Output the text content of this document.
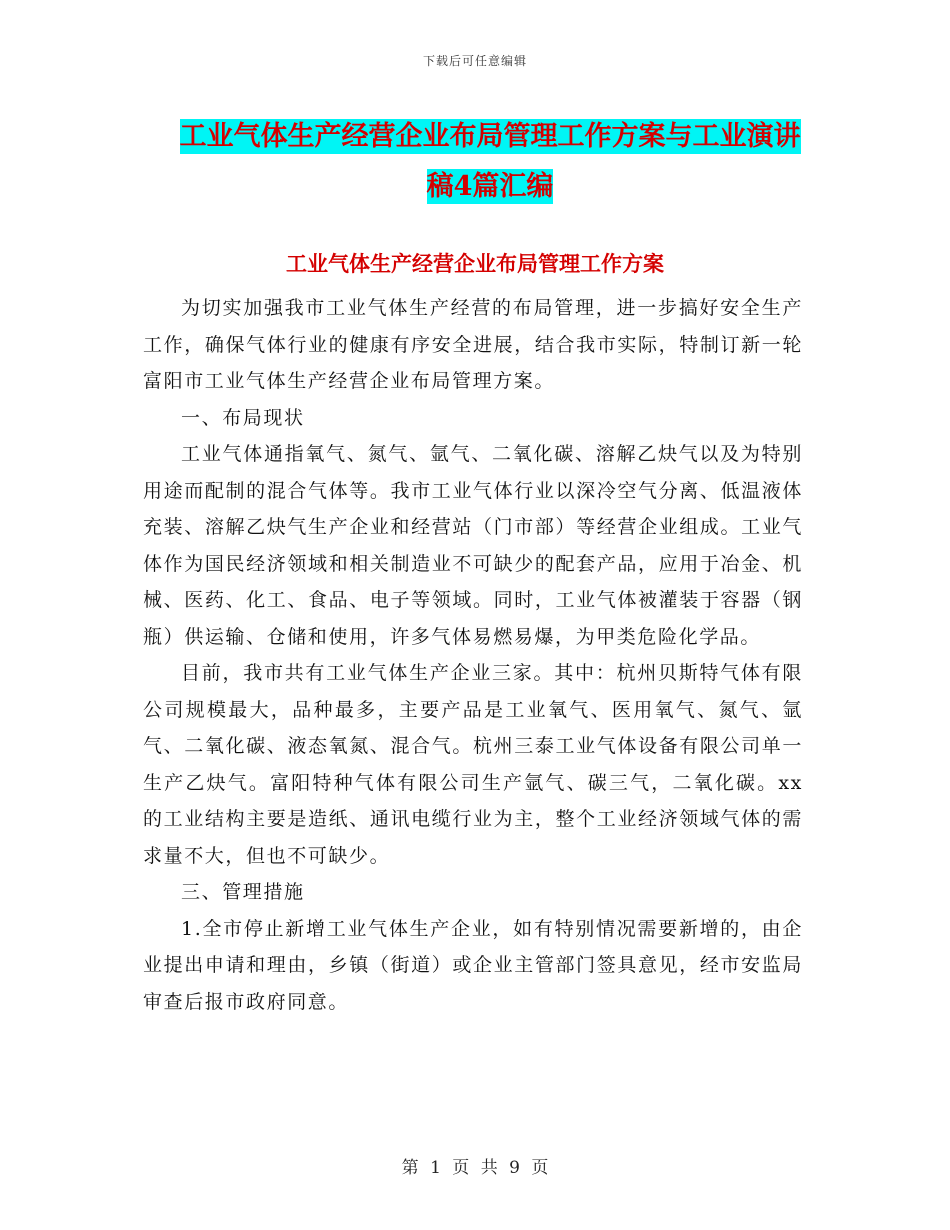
下载后可任意编辑
工业气体生产经营企业布局管理工作方案与工业演讲
稿4篇汇编
工业气体生产经营企业布局管理工作方案

为切实加强我市工业气体生产经营的布局管理，进一步搞好安全生产工作，确保气体行业的健康有序安全进展，结合我市实际，特制订新一轮富阳市工业气体生产经营企业布局管理方案。

一、布局现状

工业气体通指氧气、氮气、氩气、二氧化碳、溶解乙炔气以及为特别用途而配制的混合气体等。我市工业气体行业以深冷空气分离、低温液体充装、溶解乙炔气生产企业和经营站（门市部）等经营企业组成。工业气体作为国民经济领域和相关制造业不可缺少的配套产品，应用于冶金、机械、医药、化工、食品、电子等领域。同时，工业气体被灌装于容器（钢瓶）供运输、仓储和使用，许多气体易燃易爆，为甲类危险化学品。

目前，我市共有工业气体生产企业三家。其中：杭州贝斯特气体有限公司规模最大，品种最多，主要产品是工业氧气、医用氧气、氮气、氩气、二氧化碳、液态氧氮、混合气。杭州三泰工业气体设备有限公司单一生产乙炔气。富阳特种气体有限公司生产氩气、碳三气，二氧化碳。xx的工业结构主要是造纸、通讯电缆行业为主，整个工业经济领域气体的需求量不大，但也不可缺少。

三、管理措施

1.全市停止新增工业气体生产企业，如有特别情况需要新增的，由企业提出申请和理由，乡镇（街道）或企业主管部门签具意见，经市安监局审查后报市政府同意。

第 1 页 共 9 页
